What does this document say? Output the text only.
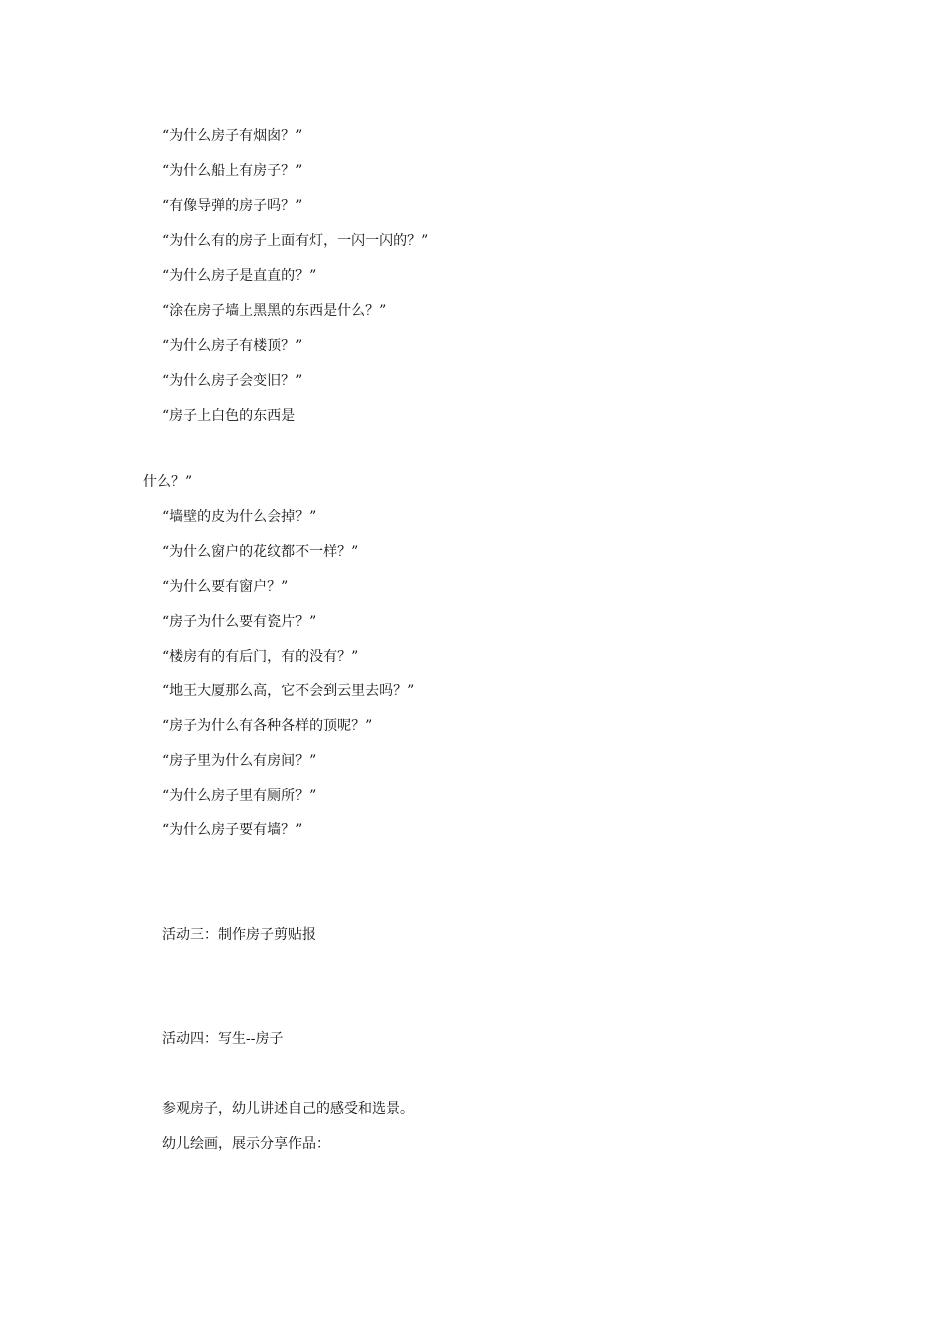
“为什么房子有烟囱？”
“为什么船上有房子？”
“有像导弹的房子吗？”
“为什么有的房子上面有灯，一闪一闪的？”
“为什么房子是直直的？”
“涂在房子墙上黑黑的东西是什么？”
“为什么房子有楼顶？”
“为什么房子会变旧？”
“房子上白色的东西是
什么？”
“墙壁的皮为什么会掉？”
“为什么窗户的花纹都不一样？”
“为什么要有窗户？”
“房子为什么要有瓷片？”
“楼房有的有后门，有的没有？”
“地王大厦那么高，它不会到云里去吗？”
“房子为什么有各种各样的顶呢？”
“房子里为什么有房间？”
“为什么房子里有厕所？”
“为什么房子要有墙？”
活动三：制作房子剪贴报
活动四：写生--房子
参观房子，幼儿讲述自己的感受和选景。
幼儿绘画，展示分享作品：
